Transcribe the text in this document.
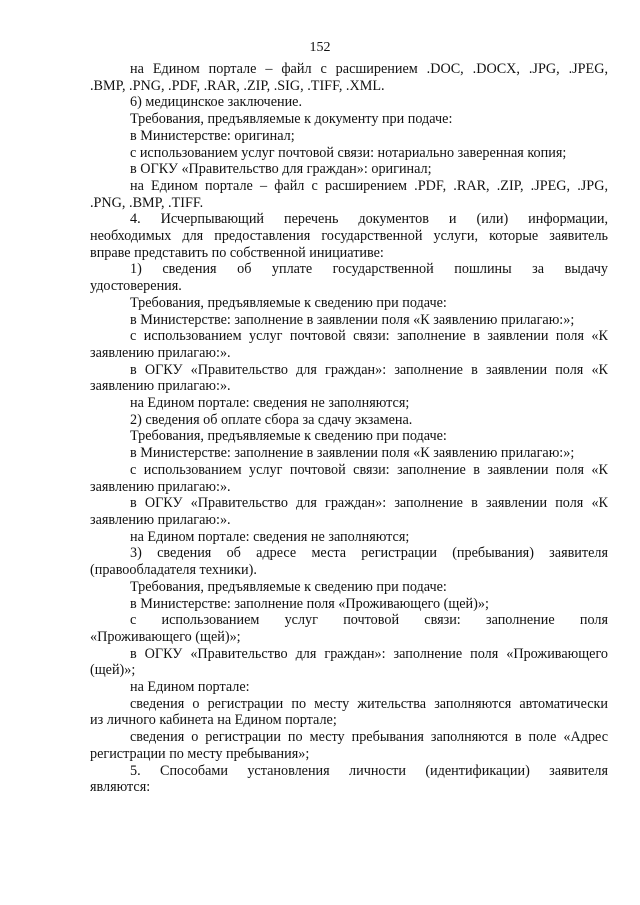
152

на Едином портале – файл с расширением .DOC, .DOCX, .JPG, .JPEG,

.BMP, .PNG, .PDF, .RAR, .ZIP, .SIG, .TIFF, .XML.

6) медицинское заключение.

Требования, предъявляемые к документу при подаче:

в Министерстве: оригинал;

с использованием услуг почтовой связи: нотариально заверенная копия;

в ОГКУ «Правительство для граждан»: оригинал;

на Едином портале – файл с расширением .PDF, .RAR, .ZIP, .JPEG, .JPG,

.PNG, .BMP, .TIFF.

4. Исчерпывающий перечень документов и (или) информации,

необходимых для предоставления государственной услуги, которые заявитель

вправе представить по собственной инициативе:

1) сведения об уплате государственной пошлины за выдачу

удостоверения.

Требования, предъявляемые к сведению при подаче:

в Министерстве: заполнение в заявлении поля «К заявлению прилагаю:»;

с использованием услуг почтовой связи: заполнение в заявлении поля «К

заявлению прилагаю:».

в ОГКУ «Правительство для граждан»: заполнение в заявлении поля «К

заявлению прилагаю:».

на Едином портале: сведения не заполняются;

2) сведения об оплате сбора за сдачу экзамена.

Требования, предъявляемые к сведению при подаче:

в Министерстве: заполнение в заявлении поля «К заявлению прилагаю:»;

с использованием услуг почтовой связи: заполнение в заявлении поля «К

заявлению прилагаю:».

в ОГКУ «Правительство для граждан»: заполнение в заявлении поля «К

заявлению прилагаю:».

на Едином портале: сведения не заполняются;

3) сведения об адресе места регистрации (пребывания) заявителя

(правообладателя техники).

Требования, предъявляемые к сведению при подаче:

в Министерстве: заполнение поля «Проживающего (щей)»;

с использованием услуг почтовой связи: заполнение поля

«Проживающего (щей)»;

в ОГКУ «Правительство для граждан»: заполнение поля «Проживающего

(щей)»;

на Едином портале:

сведения о регистрации по месту жительства заполняются автоматически

из личного кабинета на Едином портале;

сведения о регистрации по месту пребывания заполняются в поле «Адрес

регистрации по месту пребывания»;

5. Способами установления личности (идентификации) заявителя

являются:
